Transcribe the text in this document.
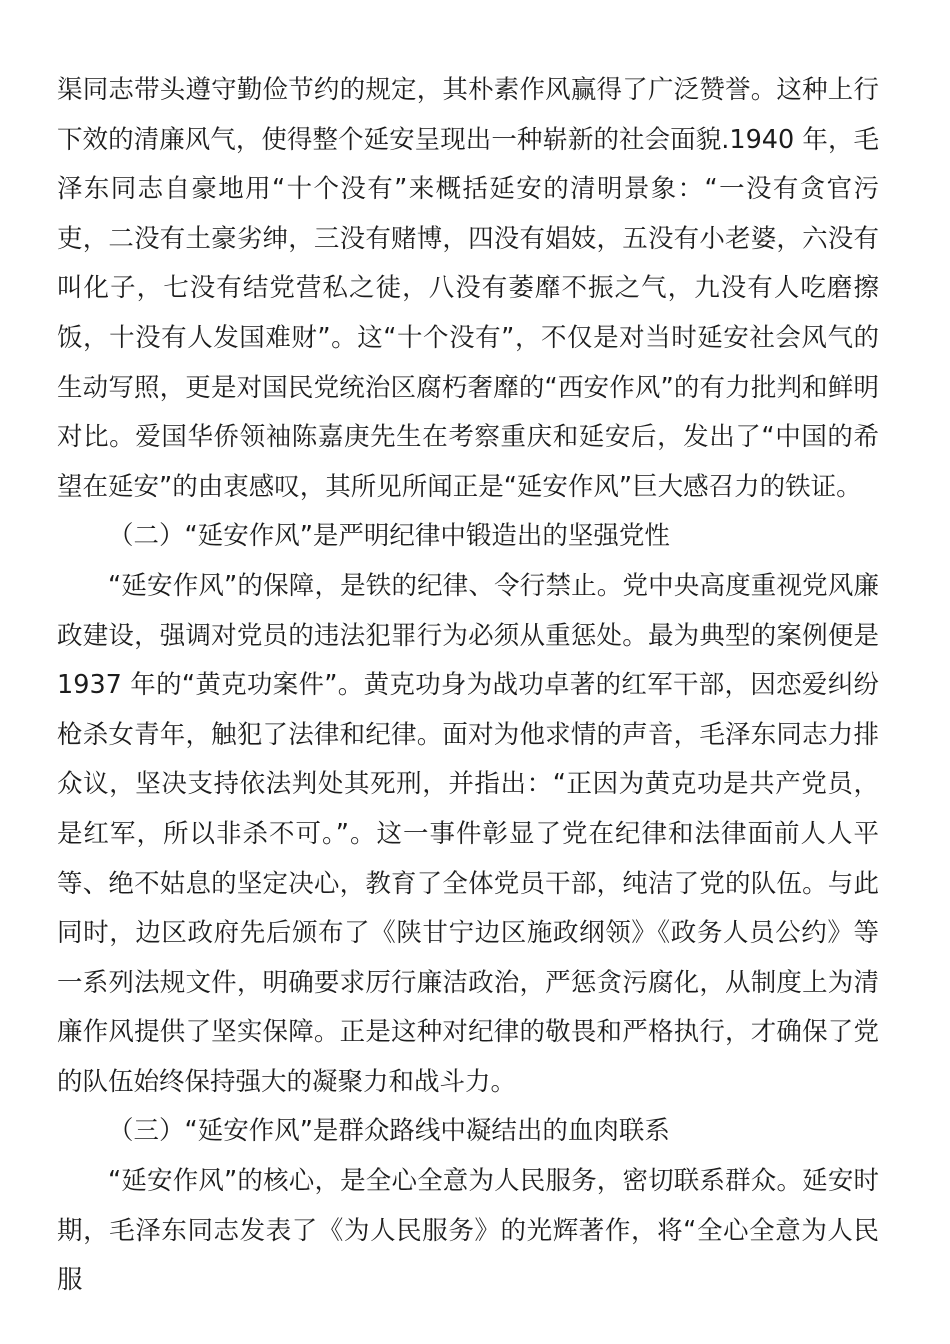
渠同志带头遵守勤俭节约的规定，其朴素作风赢得了广泛赞誉。这种上行下效的清廉风气，使得整个延安呈现出一种崭新的社会面貌.1940 年，毛泽东同志自豪地用“十个没有”来概括延安的清明景象：“一没有贪官污吏，二没有土豪劣绅，三没有赌博，四没有娼妓，五没有小老婆，六没有叫化子，七没有结党营私之徒，八没有萎靡不振之气，九没有人吃磨擦饭，十没有人发国难财”。这“十个没有”，不仅是对当时延安社会风气的生动写照，更是对国民党统治区腐朽奢靡的“西安作风”的有力批判和鲜明对比。爱国华侨领袖陈嘉庚先生在考察重庆和延安后，发出了“中国的希望在延安”的由衷感叹，其所见所闻正是“延安作风”巨大感召力的铁证。

（二）“延安作风”是严明纪律中锻造出的坚强党性

“延安作风”的保障，是铁的纪律、令行禁止。党中央高度重视党风廉政建设，强调对党员的违法犯罪行为必须从重惩处。最为典型的案例便是 1937 年的“黄克功案件”。黄克功身为战功卓著的红军干部，因恋爱纠纷枪杀女青年，触犯了法律和纪律。面对为他求情的声音，毛泽东同志力排众议，坚决支持依法判处其死刑，并指出：“正因为黄克功是共产党员，是红军，所以非杀不可。”。这一事件彰显了党在纪律和法律面前人人平等、绝不姑息的坚定决心，教育了全体党员干部，纯洁了党的队伍。与此同时，边区政府先后颁布了《陕甘宁边区施政纲领》《政务人员公约》等一系列法规文件，明确要求厉行廉洁政治，严惩贪污腐化，从制度上为清廉作风提供了坚实保障。正是这种对纪律的敬畏和严格执行，才确保了党的队伍始终保持强大的凝聚力和战斗力。

（三）“延安作风”是群众路线中凝结出的血肉联系

“延安作风”的核心，是全心全意为人民服务，密切联系群众。延安时期，毛泽东同志发表了《为人民服务》的光辉著作，将“全心全意为人民服
